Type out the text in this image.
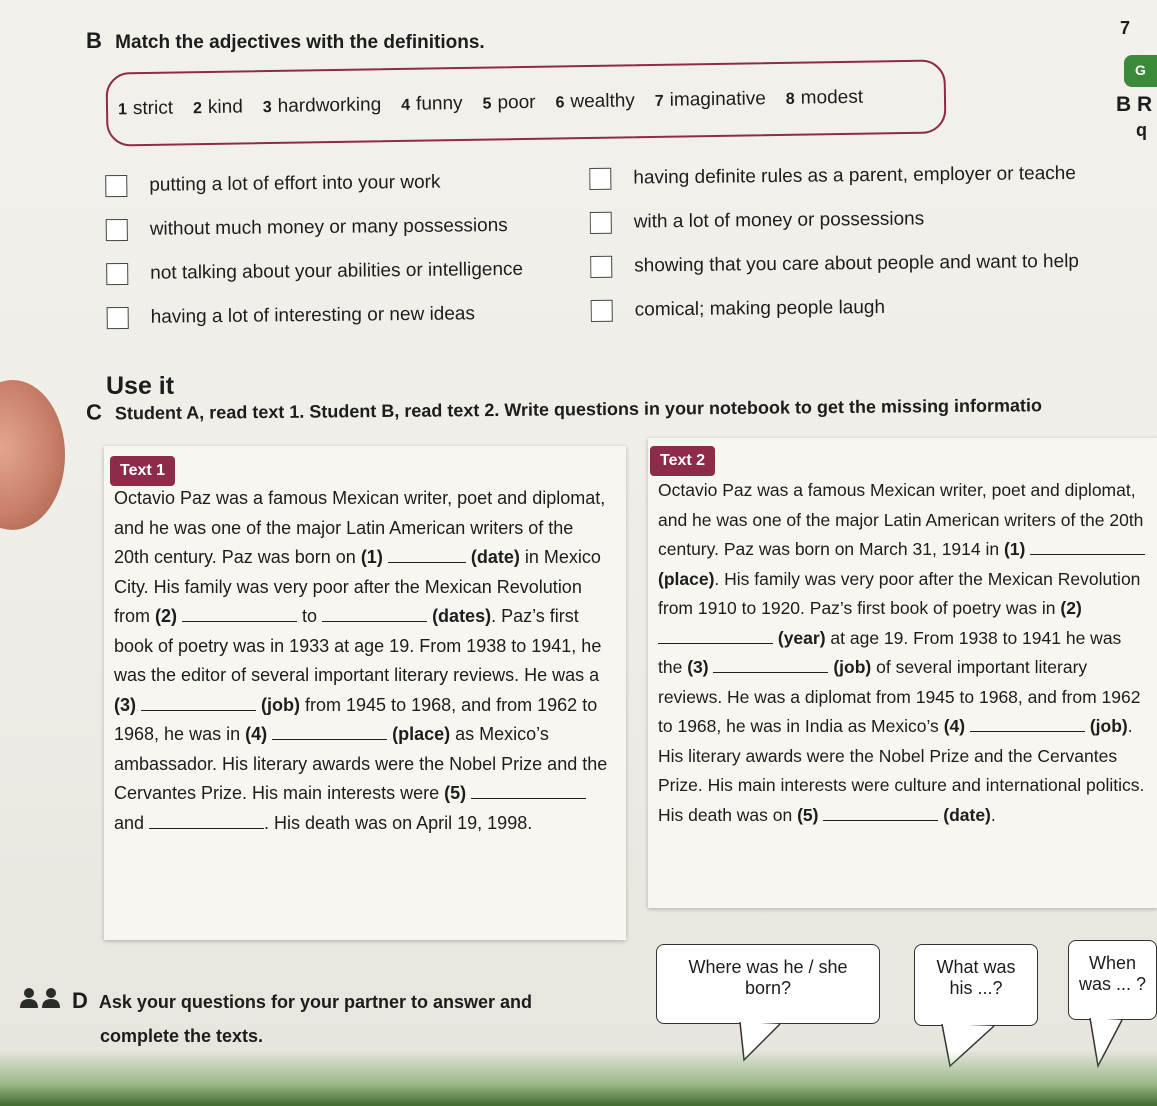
7
B Match the adjectives with the definitions.
G
B R
q
1 strict 2 kind 3 hardworking 4 funny 5 poor 6 wealthy 7 imaginative 8 modest
putting a lot of effort into your work
without much money or many possessions
not talking about your abilities or intelligence
having a lot of interesting or new ideas
having definite rules as a parent, employer or teache
with a lot of money or possessions
showing that you care about people and want to help
comical; making people laugh
Use it
C Student A, read text 1. Student B, read text 2. Write questions in your notebook to get the missing informatio
Text 1
Octavio Paz was a famous Mexican writer, poet and diplomat, and he was one of the major Latin American writers of the 20th century. Paz was born on (1)	(date) in Mexico City. His family was very poor after the Mexican Revolution from (2)	to	(dates). Paz’s first book of poetry was in 1933 at age 19. From 1938 to 1941, he was the editor of several important literary reviews. He was a (3)	(job) from 1945 to 1968, and from 1962 to 1968, he was in (4)	(place) as Mexico’s ambassador. His literary awards were the Nobel Prize and the Cervantes Prize. His main interests were (5)  and	. His death was on April 19, 1998.
Text 2
Octavio Paz was a famous Mexican writer, poet and diplomat, and he was one of the major Latin American writers of the 20th century. Paz was born on March 31, 1914 in (1)  (place). His family was very poor after the Mexican Revolution from 1910 to 1920. Paz’s first book of poetry was in (2)  (year) at age 19. From 1938 to 1941 he was the (3)	(job) of several important literary reviews. He was a diplomat from 1945 to 1968, and from 1962 to 1968, he was in India as Mexico’s (4)	(job). His literary awards were the Nobel Prize and the Cervantes Prize. His main interests were culture and international politics. His death was on (5)	(date).
D Ask your questions for your partner to answer and
complete the texts.
Where was he / she
born?
What was
his ...?
When
was ... ?
